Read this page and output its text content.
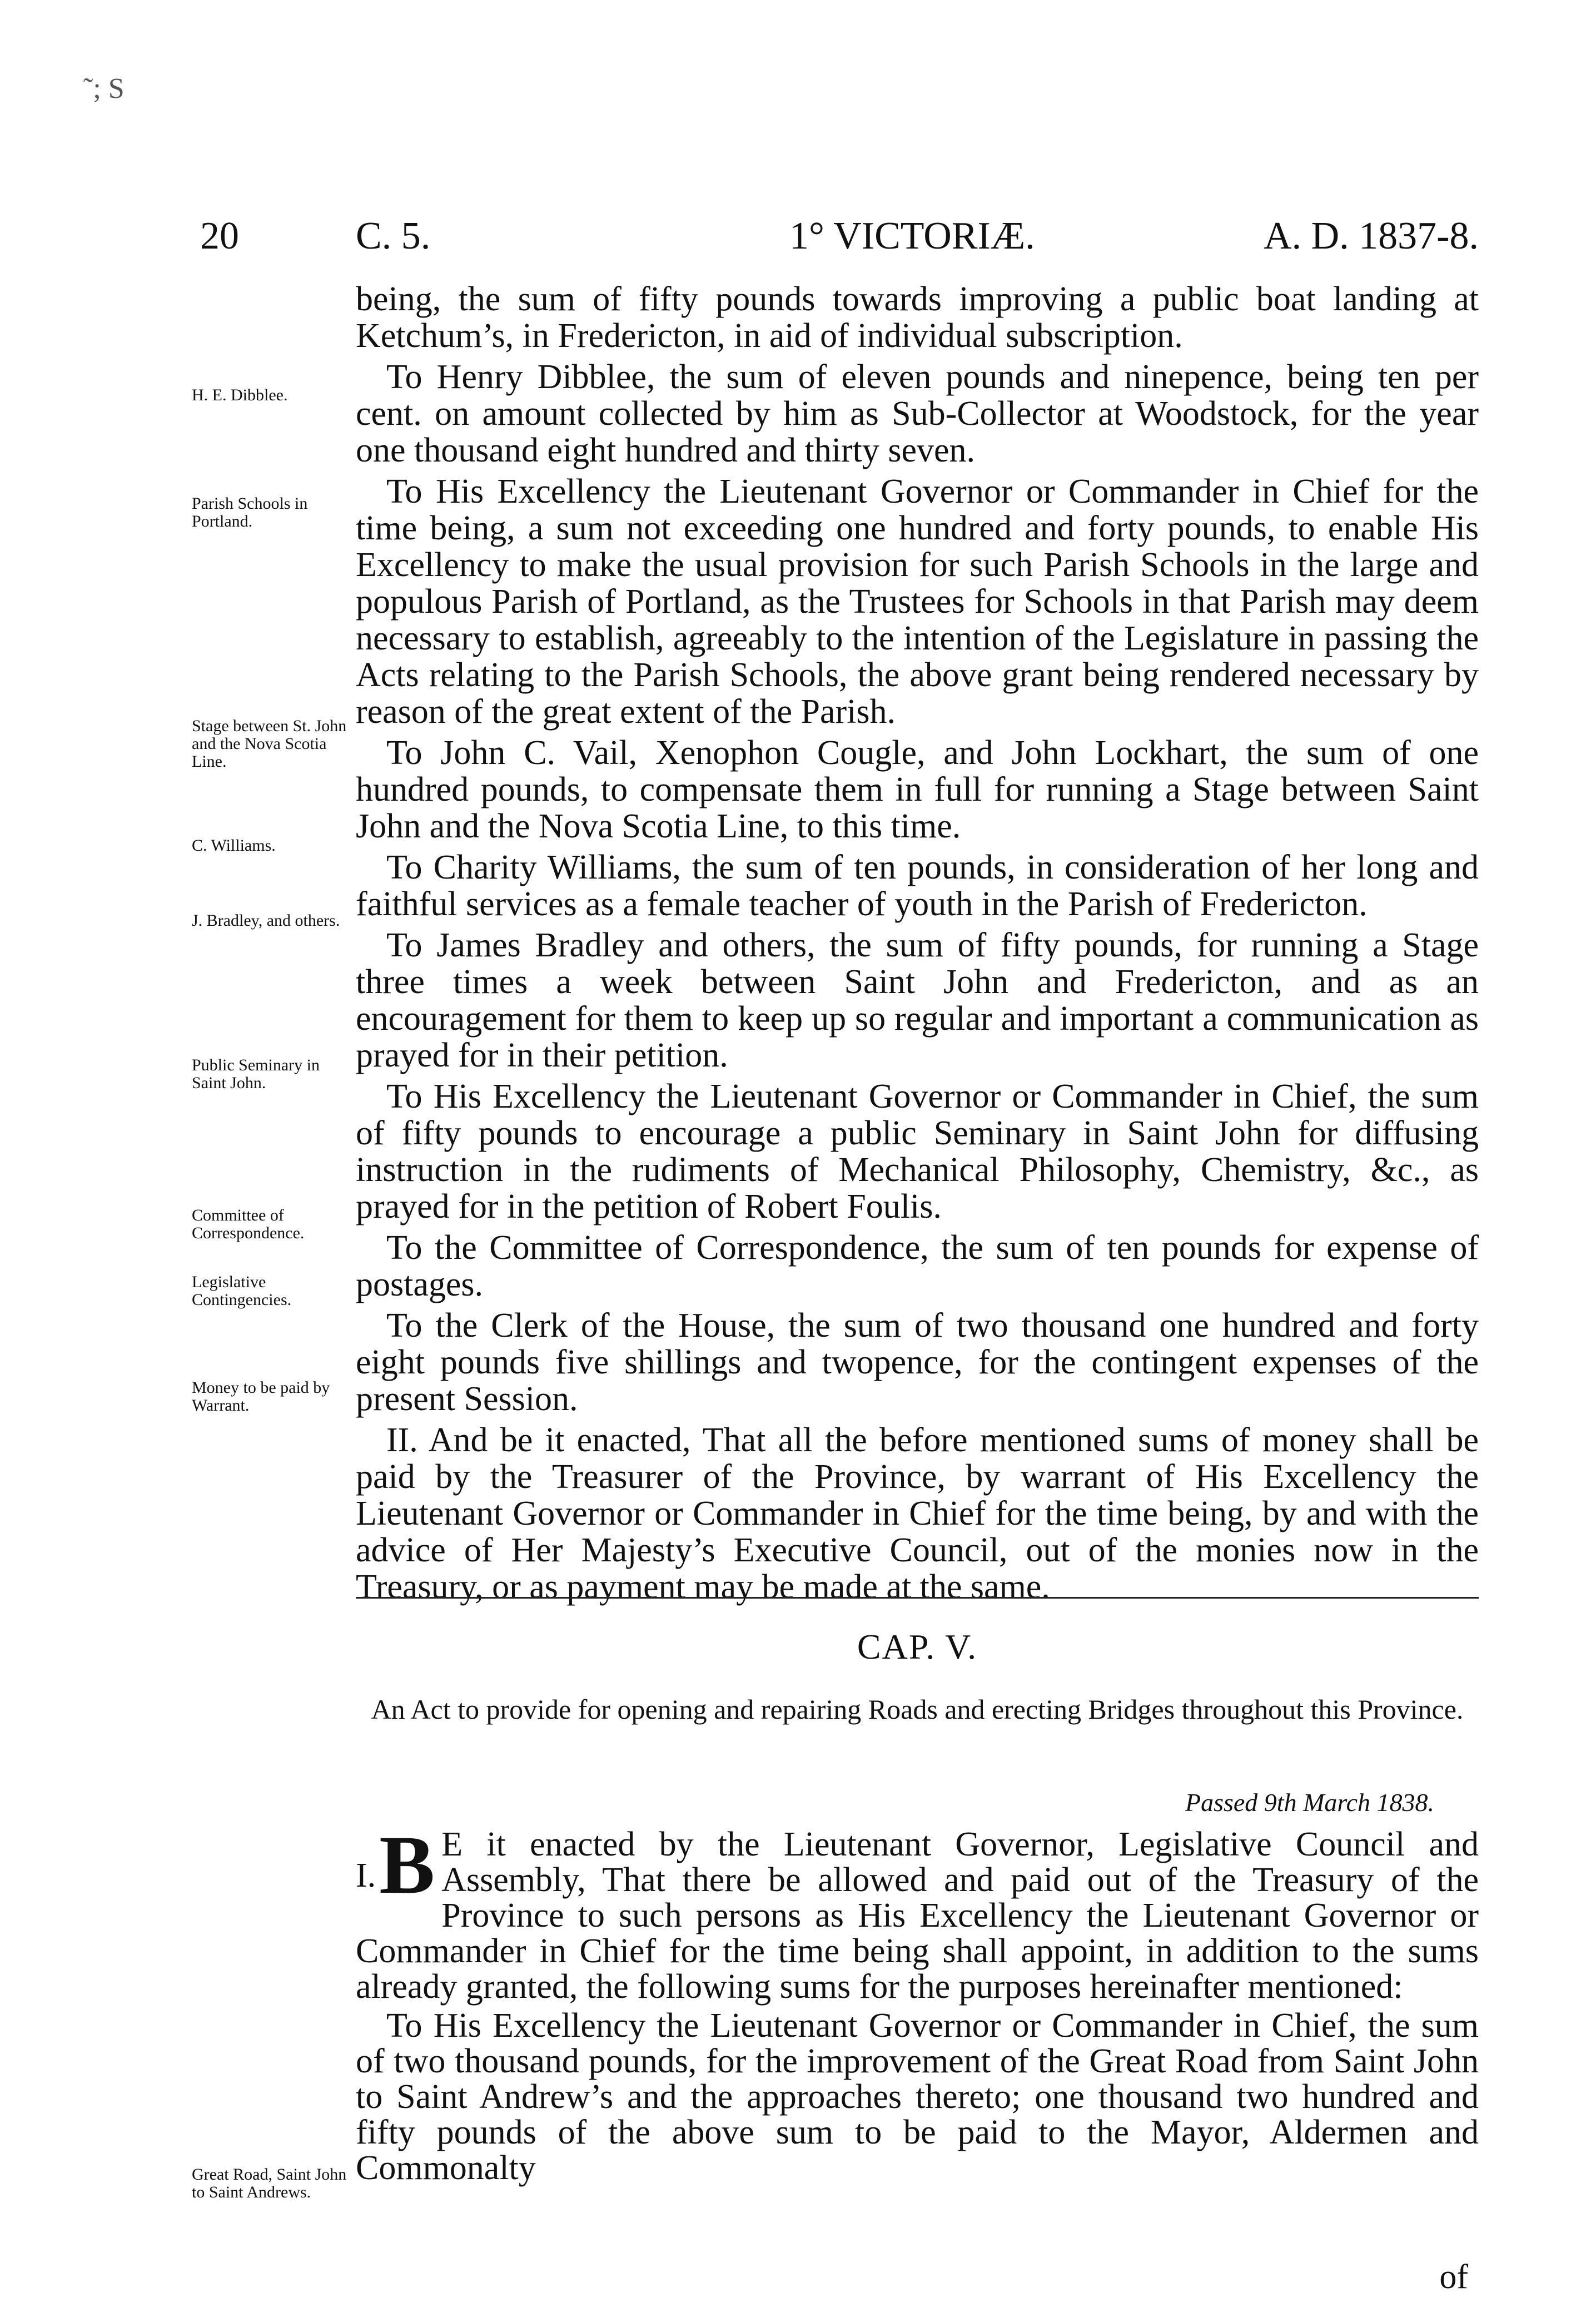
˜; S
20	C. 5.	1° VICTORIÆ.	A. D. 1837-8.
H. E. Dibblee.
Parish Schools in Portland.
Stage between St. John and the Nova Scotia Line.
C. Williams.
J. Bradley, and others.
Public Seminary in Saint John.
Committee of Correspondence.
Legislative Contingencies.
Money to be paid by Warrant.
Great Road, Saint John to Saint Andrews.

being, the sum of fifty pounds towards improving a public boat landing at Ketchum’s, in Fredericton, in aid of individual subscription.

To Henry Dibblee, the sum of eleven pounds and ninepence, being ten per cent. on amount collected by him as Sub-Collector at Woodstock, for the year one thousand eight hundred and thirty seven.

To His Excellency the Lieutenant Governor or Commander in Chief for the time being, a sum not exceeding one hundred and forty pounds, to enable His Excellency to make the usual provision for such Parish Schools in the large and populous Parish of Portland, as the Trustees for Schools in that Parish may deem necessary to establish, agreeably to the intention of the Legislature in passing the Acts relating to the Parish Schools, the above grant being rendered necessary by reason of the great extent of the Parish.

To John C. Vail, Xenophon Cougle, and John Lockhart, the sum of one hundred pounds, to compensate them in full for running a Stage between Saint John and the Nova Scotia Line, to this time.

To Charity Williams, the sum of ten pounds, in consideration of her long and faithful services as a female teacher of youth in the Parish of Fredericton.

To James Bradley and others, the sum of fifty pounds, for running a Stage three times a week between Saint John and Fredericton, and as an encouragement for them to keep up so regular and important a communication as prayed for in their petition.

To His Excellency the Lieutenant Governor or Commander in Chief, the sum of fifty pounds to encourage a public Seminary in Saint John for diffusing instruction in the rudiments of Mechanical Philosophy, Chemistry, &c., as prayed for in the petition of Robert Foulis.

To the Committee of Correspondence, the sum of ten pounds for expense of postages.

To the Clerk of the House, the sum of two thousand one hundred and forty eight pounds five shillings and twopence, for the contingent expenses of the present Session.

II. And be it enacted, That all the before mentioned sums of money shall be paid by the Treasurer of the Province, by warrant of His Excellency the Lieutenant Governor or Commander in Chief for the time being, by and with the advice of Her Majesty’s Executive Council, out of the monies now in the Treasury, or as payment may be made at the same.

CAP. V.
An Act to provide for opening and repairing Roads and erecting Bridges throughout this Province.
Passed 9th March 1838.
I. B E it enacted by the Lieutenant Governor, Legislative Council and Assembly, That there be allowed and paid out of the Treasury of the Province to such persons as His Excellency the Lieutenant Governor or Commander in Chief for the time being shall appoint, in addition to the sums already granted, the following sums for the purposes hereinafter mentioned:

To His Excellency the Lieutenant Governor or Commander in Chief, the sum of two thousand pounds, for the improvement of the Great Road from Saint John to Saint Andrew’s and the approaches thereto; one thousand two hundred and fifty pounds of the above sum to be paid to the Mayor, Aldermen and Commonalty

of
